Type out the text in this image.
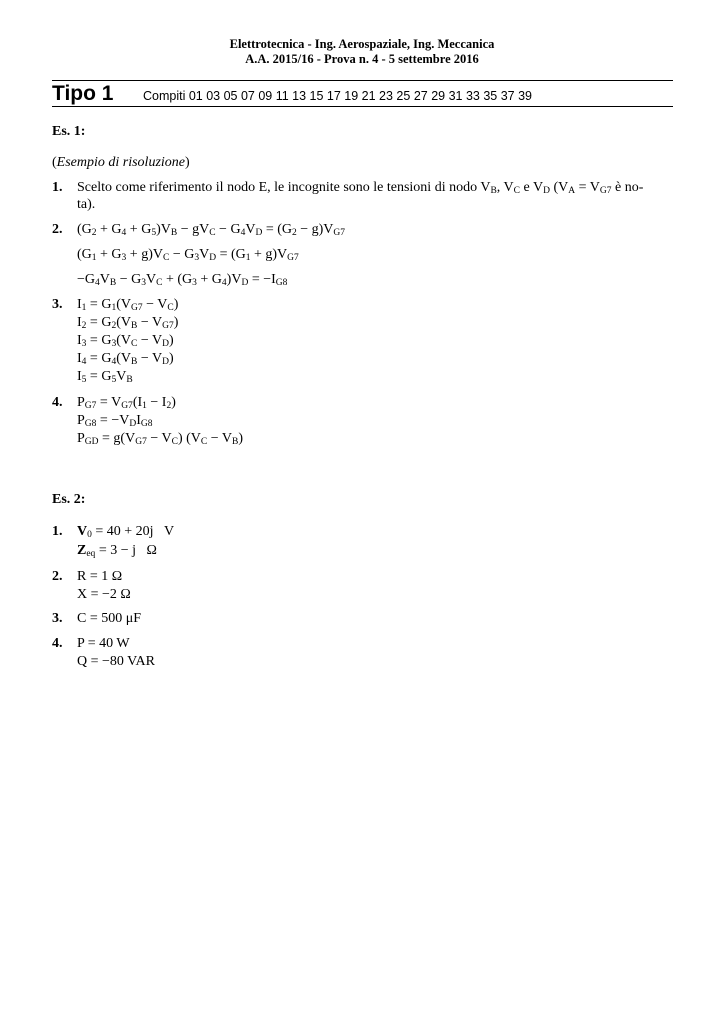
Elettrotecnica - Ing. Aerospaziale, Ing. Meccanica
A.A. 2015/16 - Prova n. 4 - 5 settembre 2016
Tipo 1 Compiti 01 03 05 07 09 11 13 15 17 19 21 23 25 27 29 31 33 35 37 39
Es. 1:
(Esempio di risoluzione)
1. Scelto come riferimento il nodo E, le incognite sono le tensioni di nodo $V_B$, $V_C$ e $V_D$ ($V_A = V_{G7}$ è no-
ta).
2. $(G_2 + G_4 + G_5)V_B - gV_C - G_4V_D = (G_2 - g)V_{G7}$
$(G_1 + G_3 + g)V_C - G_3V_D = (G_1 + g)V_{G7}$
$-G_4V_B - G_3V_C + (G_3 + G_4)V_D = -I_{G8}$
3. $I_1 = G_1(V_{G7} - V_C)$
$I_2 = G_2(V_B - V_{G7})$
$I_3 = G_3(V_C - V_D)$
$I_4 = G_4(V_B - V_D)$
$I_5 = G_5V_B$
4. $P_{G7} = V_{G7}(I_1 - I_2)$
$P_{G8} = -V_DI_{G8}$
$P_{GD} = g(V_{G7} - V_C) (V_C - V_B)$
Es. 2:
1. $V_0 = 40 + 20j$   V
$Z_{eq} = 3 - j$   Ω
2. R = 1 Ω
X = −2 Ω
3. C = 500 μF
4. P = 40 W
Q = −80 VAR
